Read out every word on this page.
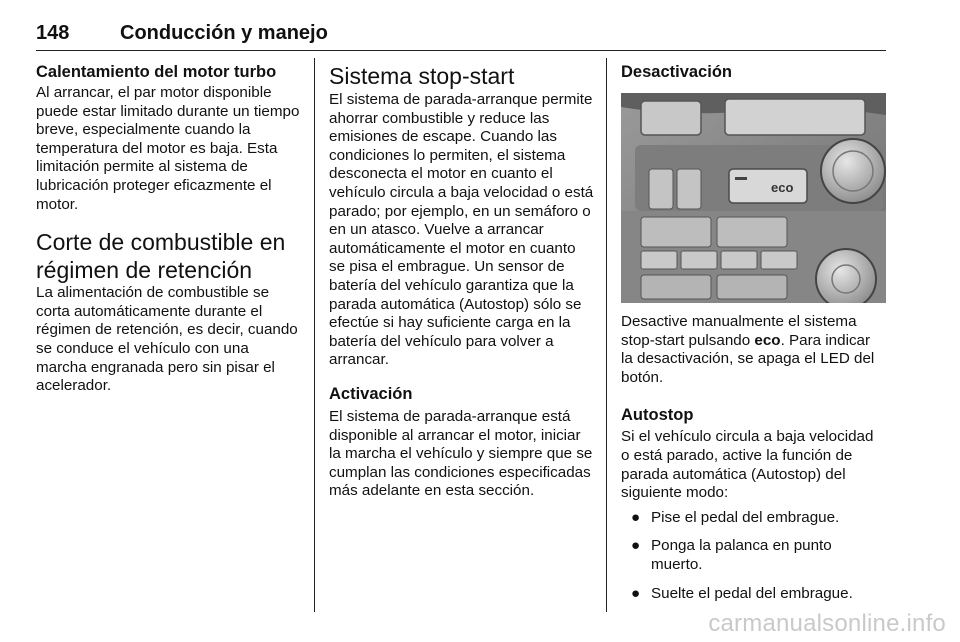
148	Conducción y manejo
Calentamiento del motor turbo

Al arrancar, el par motor disponible puede estar limitado durante un tiempo breve, especialmente cuando la temperatura del motor es baja. Esta limitación permite al sistema de lubricación proteger eficazmente el motor.

Corte de combustible en régimen de retención

La alimentación de combustible se corta automáticamente durante el régimen de retención, es decir, cuando se conduce el vehículo con una marcha engranada pero sin pisar el acelerador.

Sistema stop-start

El sistema de parada-arranque permite ahorrar combustible y reduce las emisiones de escape. Cuando las condiciones lo permiten, el sistema desconecta el motor en cuanto el vehículo circula a baja velocidad o está parado; por ejemplo, en un semáforo o en un atasco. Vuelve a arrancar automáticamente el motor en cuanto se pisa el embrague. Un sensor de batería del vehículo garantiza que la parada automática (Autostop) sólo se efectúe si hay suficiente carga en la batería del vehículo para volver a arrancar.

Activación

El sistema de parada-arranque está disponible al arrancar el motor, iniciar la marcha el vehículo y siempre que se cumplan las condiciones especificadas más adelante en esta sección.

Desactivación
eco

Desactive manualmente el sistema stop-start pulsando eco. Para indicar la desactivación, se apaga el LED del botón.

Autostop

Si el vehículo circula a baja velocidad o está parado, active la función de parada automática (Autostop) del siguiente modo:

● Pise el pedal del embrague.
● Ponga la palanca en punto muerto.
● Suelte el pedal del embrague.
carmanualsonline.info
